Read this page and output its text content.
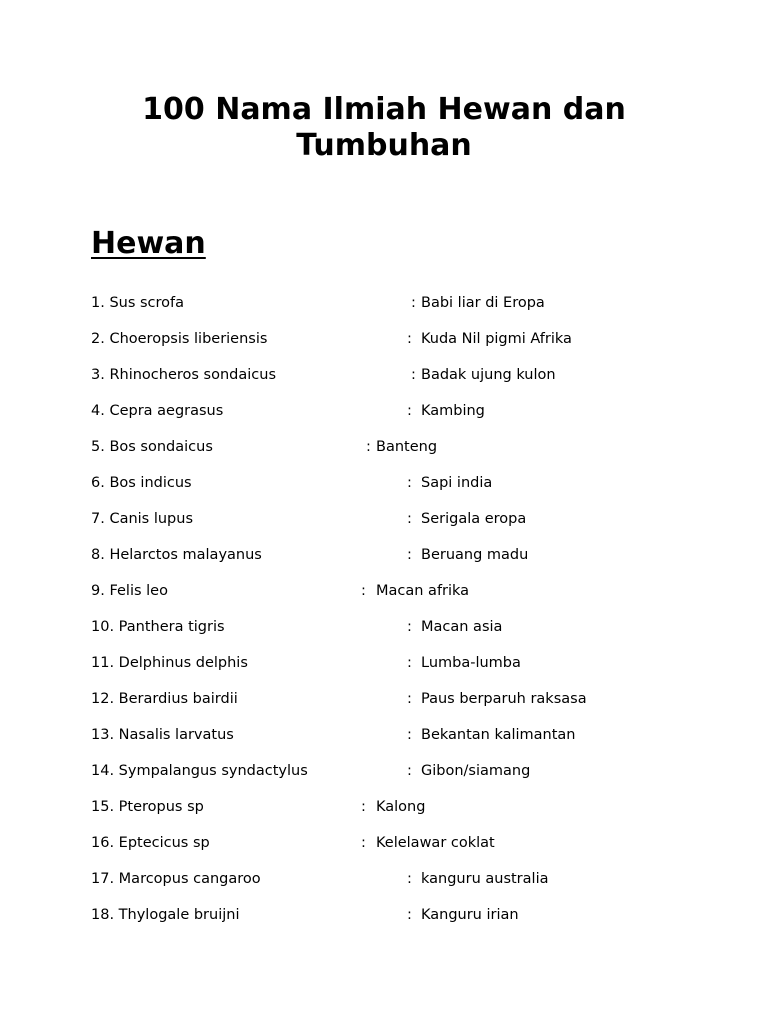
100 Nama Ilmiah Hewan dan
Tumbuhan
Hewan
1. Sus scrofa	: Babi liar di Eropa
2. Choeropsis liberiensis	: Kuda Nil pigmi Afrika
3. Rhinocheros sondaicus	: Badak ujung kulon
4. Cepra aegrasus	: Kambing
5. Bos sondaicus	: Banteng
6. Bos indicus	: Sapi india
7. Canis lupus	: Serigala eropa
8. Helarctos malayanus	: Beruang madu
9. Felis leo	: Macan afrika
10. Panthera tigris	: Macan asia
11. Delphinus delphis	: Lumba-lumba
12. Berardius bairdii	: Paus berparuh raksasa
13. Nasalis larvatus	: Bekantan kalimantan
14. Sympalangus syndactylus	: Gibon/siamang
15. Pteropus sp	: Kalong
16. Eptecicus sp	: Kelelawar coklat
17. Marcopus cangaroo	: kanguru australia
18. Thylogale bruijni	: Kanguru irian
